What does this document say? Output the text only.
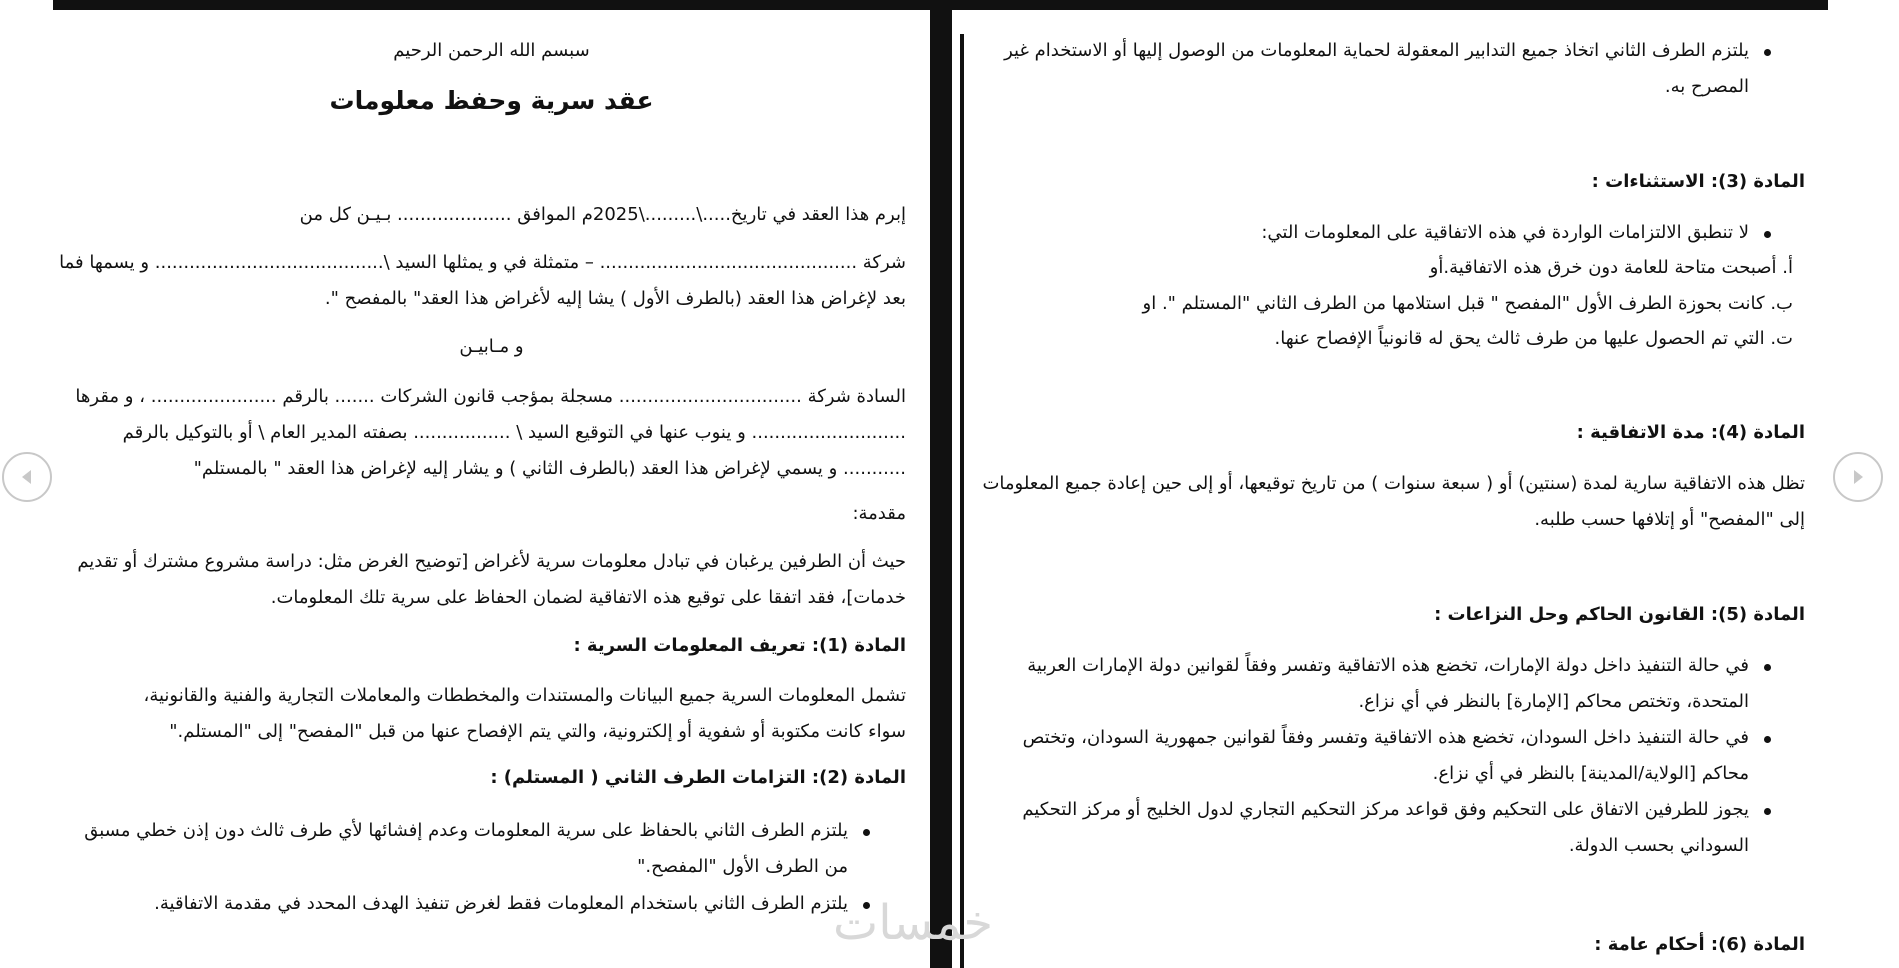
سبسم الله الرحمن الرحيم
عقد سرية وحفظ معلومات
إبرم هذا العقد في تاريخ.....\.........\2025م الموافق .................... بـيـن كل من
شركة ............................................. – متمثلة في و يمثلها السيد \........................................ و يسمها فما
بعد لإغراض هذا العقد (بالطرف الأول ) يشا إليه لأغراض هذا العقد" بالمفصح ".
و مـابيـن
السادة شركة ................................ مسجلة بمؤجب قانون الشركات ....... بالرقم ...................... ، و مقرها
........................... و ينوب عنها في التوقيع السيد \ ................. بصفته المدير العام \ أو بالتوكيل بالرقم
........... و يسمي لإغراض هذا العقد (بالطرف الثاني ) و يشار إليه لإغراض هذا العقد " بالمستلم"
مقدمة:
حيث أن الطرفين يرغبان في تبادل معلومات سرية لأغراض [توضيح الغرض مثل: دراسة مشروع مشترك أو تقديم
خدمات]، فقد اتفقا على توقيع هذه الاتفاقية لضمان الحفاظ على سرية تلك المعلومات.
المادة (1): تعريف المعلومات السرية :
تشمل المعلومات السرية جميع البيانات والمستندات والمخططات والمعاملات التجارية والفنية والقانونية،
سواء كانت مكتوبة أو شفوية أو إلكترونية، والتي يتم الإفصاح عنها من قبل "المفصح" إلى "المستلم."
المادة (2): التزامات الطرف الثاني ( المستلم) :
يلتزم الطرف الثاني بالحفاظ على سرية المعلومات وعدم إفشائها لأي طرف ثالث دون إذن خطي مسبق
من الطرف الأول "المفصح."
يلتزم الطرف الثاني باستخدام المعلومات فقط لغرض تنفيذ الهدف المحدد في مقدمة الاتفاقية.
يلتزم الطرف الثاني اتخاذ جميع التدابير المعقولة لحماية المعلومات من الوصول إليها أو الاستخدام غير
المصرح به.
المادة (3): الاستثناءات :
لا تنطبق الالتزامات الواردة في هذه الاتفاقية على المعلومات التي:
أ. أصبحت متاحة للعامة دون خرق هذه الاتفاقية.أو
ب. كانت بحوزة الطرف الأول "المفصح " قبل استلامها من الطرف الثاني "المستلم ". او
ت. التي تم الحصول عليها من طرف ثالث يحق له قانونياً الإفصاح عنها.
المادة (4): مدة الاتفاقية :
تظل هذه الاتفاقية سارية لمدة (سنتين) أو ( سبعة سنوات ) من تاريخ توقيعها، أو إلى حين إعادة جميع المعلومات
إلى "المفصح" أو إتلافها حسب طلبه.
المادة (5): القانون الحاكم وحل النزاعات :
في حالة التنفيذ داخل دولة الإمارات، تخضع هذه الاتفاقية وتفسر وفقاً لقوانين دولة الإمارات العربية
المتحدة، وتختص محاكم [الإمارة] بالنظر في أي نزاع.
في حالة التنفيذ داخل السودان، تخضع هذه الاتفاقية وتفسر وفقاً لقوانين جمهورية السودان، وتختص
محاكم [الولاية/المدينة] بالنظر في أي نزاع.
يجوز للطرفين الاتفاق على التحكيم وفق قواعد مركز التحكيم التجاري لدول الخليج أو مركز التحكيم
السوداني بحسب الدولة.
المادة (6): أحكام عامة :
خمسات
